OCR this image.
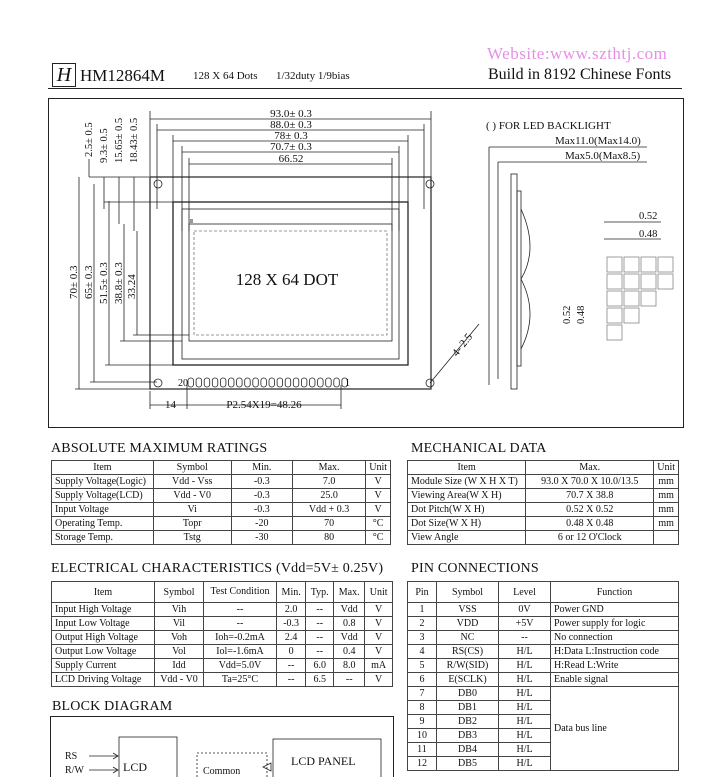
H HM12864M	128 X 64 Dots 1/32duty 1/9bias
Website:www.szthtj.com
Build in 8192 Chinese Fonts
93.0± 0.3
88.0± 0.3
78± 0.3
70.7± 0.3
66.52
2.5± 0.5 9.3± 0.5 15.65± 0.5 18.43± 0.5
70± 0.3 65± 0.3 51.5± 0.3 38.8± 0.3 33.24	128 X 64 DOT
20	1
14	P2.54X19=48.26
4- 2.5
( ) FOR LED BACKLIGHT
Max11.0(Max14.0)
Max5.0(Max8.5)
0.52
0.48
0.52 0.48
ABSOLUTE MAXIMUM RATINGS
Item	Symbol	Min.	Max.	Unit
Supply Voltage(Logic)	Vdd - Vss	-0.3	7.0	V
Supply Voltage(LCD)	Vdd - V0	-0.3	25.0	V
Input Voltage	Vi	-0.3	Vdd + 0.3	V
Operating Temp.	Topr	-20	70	°C
Storage Temp.	Tstg	-30	80	°C
MECHANICAL DATA
Item	Max.	Unit
Module Size (W X H X T)	93.0 X 70.0 X 10.0/13.5	mm
Viewing Area(W X H)	70.7 X 38.8	mm
Dot Pitch(W X H)	0.52 X 0.52	mm
Dot Size(W X H)	0.48 X 0.48	mm
View Angle	6 or 12 O'Clock	
ELECTRICAL CHARACTERISTICS (Vdd=5V± 0.25V)
Item	Symbol	Test Condition	Min.	Typ.	Max.	Unit
Input High Voltage	Vih	--	2.0	--	Vdd	V
Input Low Voltage	Vil	--	-0.3	--	0.8	V
Output High Voltage	Voh	Ioh=-0.2mA	2.4	--	Vdd	V
Output Low Voltage	Vol	Iol=-1.6mA	0	--	0.4	V
Supply Current	Idd	Vdd=5.0V	--	6.0	8.0	mA
LCD Driving Voltage	Vdd - V0	Ta=25°C	--	6.5	--	V
PIN CONNECTIONS
Pin	Symbol	Level	Function
1	VSS	0V	Power GND
2	VDD	+5V	Power supply for logic
3	NC	--	No connection
4	RS(CS)	H/L	H:Data L:Instruction code
5	R/W(SID)	H/L	H:Read L:Write
6	E(SCLK)	H/L	Enable signal
7	DB0	H/L	Data bus line
8	DB1	H/L	
9	DB2	H/L	
10	DB3	H/L	
11	DB4	H/L	
12	DB5	H/L	
BLOCK DIAGRAM
RS
R/W	LCD	Common
LCD PANEL
